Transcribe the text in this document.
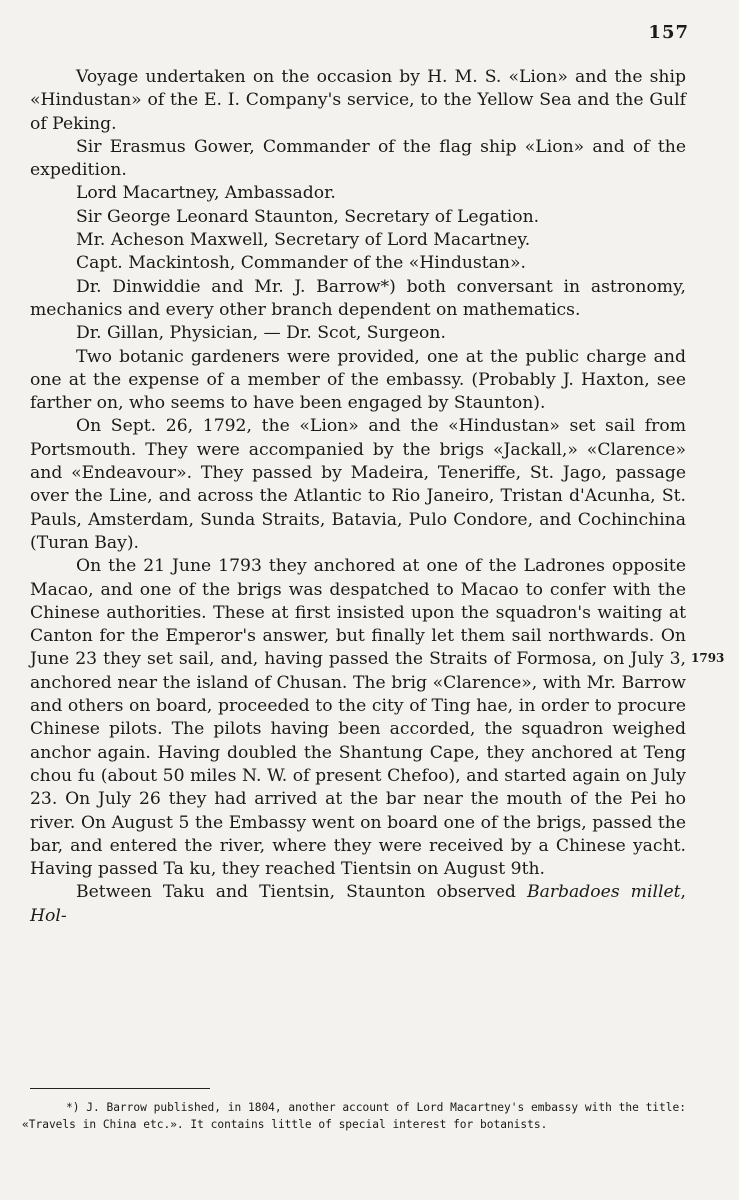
157

Voyage undertaken on the occasion by H. M. S. «Lion» and the ship «Hindustan» of the E. I. Company's service, to the Yellow Sea and the Gulf of Peking.

Sir Erasmus Gower, Commander of the flag ship «Lion» and of the expedition.

Lord Macartney, Ambassador.

Sir George Leonard Staunton, Secretary of Legation.

Mr. Acheson Maxwell, Secretary of Lord Macartney.

Capt. Mackintosh, Commander of the «Hindustan».

Dr. Dinwiddie and Mr. J. Barrow*) both conversant in astronomy, mechanics and every other branch dependent on mathematics.

Dr. Gillan, Physician, — Dr. Scot, Surgeon.

Two botanic gardeners were provided, one at the public charge and one at the expense of a member of the embassy. (Probably J. Haxton, see farther on, who seems to have been engaged by Staunton).

On Sept. 26, 1792, the «Lion» and the «Hindustan» set sail from Portsmouth. They were accompanied by the brigs «Jackall,» «Clarence» and «Endeavour». They passed by Madeira, Teneriffe, St. Jago, passage over the Line, and across the Atlantic to Rio Janeiro, Tristan d'Acunha, St. Pauls, Amsterdam, Sunda Straits, Batavia, Pulo Condore, and Cochinchina (Turan Bay).

On the 21 June 1793 they anchored at one of the Ladrones opposite Macao, and one of the brigs was despatched to Macao to confer with the Chinese authorities. These at first insisted upon the squadron's waiting at Canton for the Emperor's answer, but finally let them sail northwards. On June 23 they set sail, and, having passed the Straits of Formosa, on July 3, anchored near the island of Chusan. The brig «Clarence», with Mr. Barrow and others on board, proceeded to the city of Ting hae, in order to procure Chinese pilots. The pilots having been accorded, the squadron weighed anchor again. Having doubled the Shantung Cape, they anchored at Teng chou fu (about 50 miles N. W. of present Chefoo), and started again on July 23. On July 26 they had arrived at the bar near the mouth of the Pei ho river. On August 5 the Embassy went on board one of the brigs, passed the bar, and entered the river, where they were received by a Chinese yacht. Having passed Ta ku, they reached Tientsin on August 9th.

Between Taku and Tientsin, Staunton observed Barbadoes millet, Hol-

1793
*) J. Barrow published, in 1804, another account of Lord Macartney's embassy with the title: «Travels in China etc.». It contains little of special interest for botanists.
